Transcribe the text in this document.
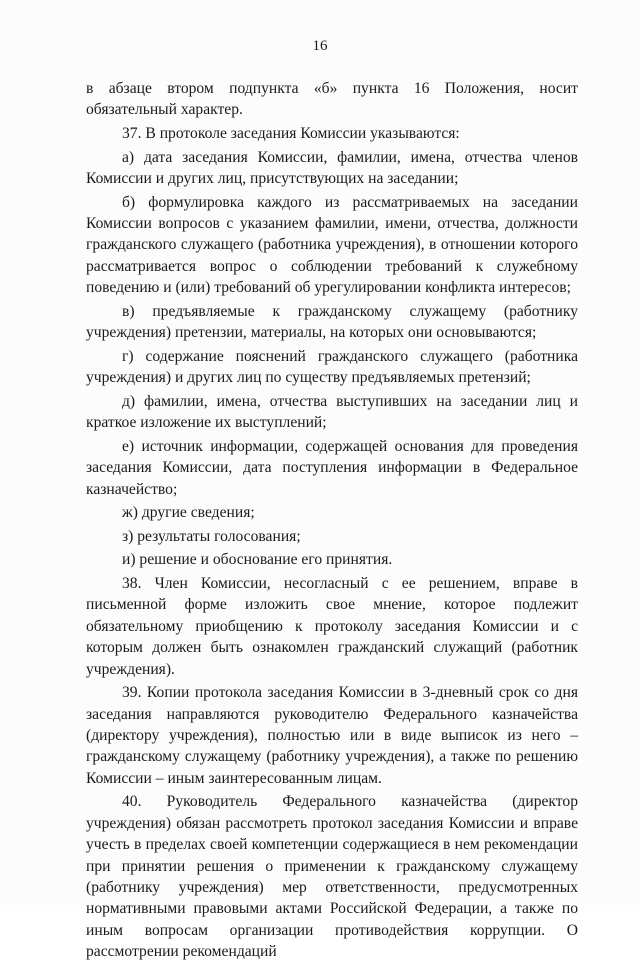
16

в абзаце втором подпункта «б» пункта 16 Положения, носит обязательный характер.

37. В протоколе заседания Комиссии указываются:

а) дата заседания Комиссии, фамилии, имена, отчества членов Комиссии и других лиц, присутствующих на заседании;

б) формулировка каждого из рассматриваемых на заседании Комиссии вопросов с указанием фамилии, имени, отчества, должности гражданского служащего (работника учреждения), в отношении которого рассматривается вопрос о соблюдении требований к служебному поведению и (или) требований об урегулировании конфликта интересов;

в) предъявляемые к гражданскому служащему (работнику учреждения) претензии, материалы, на которых они основываются;

г) содержание пояснений гражданского служащего (работника учреждения) и других лиц по существу предъявляемых претензий;

д) фамилии, имена, отчества выступивших на заседании лиц и краткое изложение их выступлений;

е) источник информации, содержащей основания для проведения заседания Комиссии, дата поступления информации в Федеральное казначейство;

ж) другие сведения;

з) результаты голосования;

и) решение и обоснование его принятия.

38. Член Комиссии, несогласный с ее решением, вправе в письменной форме изложить свое мнение, которое подлежит обязательному приобщению к протоколу заседания Комиссии и с которым должен быть ознакомлен гражданский служащий (работник учреждения).

39. Копии протокола заседания Комиссии в 3-дневный срок со дня заседания направляются руководителю Федерального казначейства (директору учреждения), полностью или в виде выписок из него – гражданскому служащему (работнику учреждения), а также по решению Комиссии – иным заинтересованным лицам.

40. Руководитель Федерального казначейства (директор учреждения) обязан рассмотреть протокол заседания Комиссии и вправе учесть в пределах своей компетенции содержащиеся в нем рекомендации при принятии решения о применении к гражданскому служащему (работнику учреждения) мер ответственности, предусмотренных нормативными правовыми актами Российской Федерации, а также по иным вопросам организации противодействия коррупции. О рассмотрении рекомендаций
